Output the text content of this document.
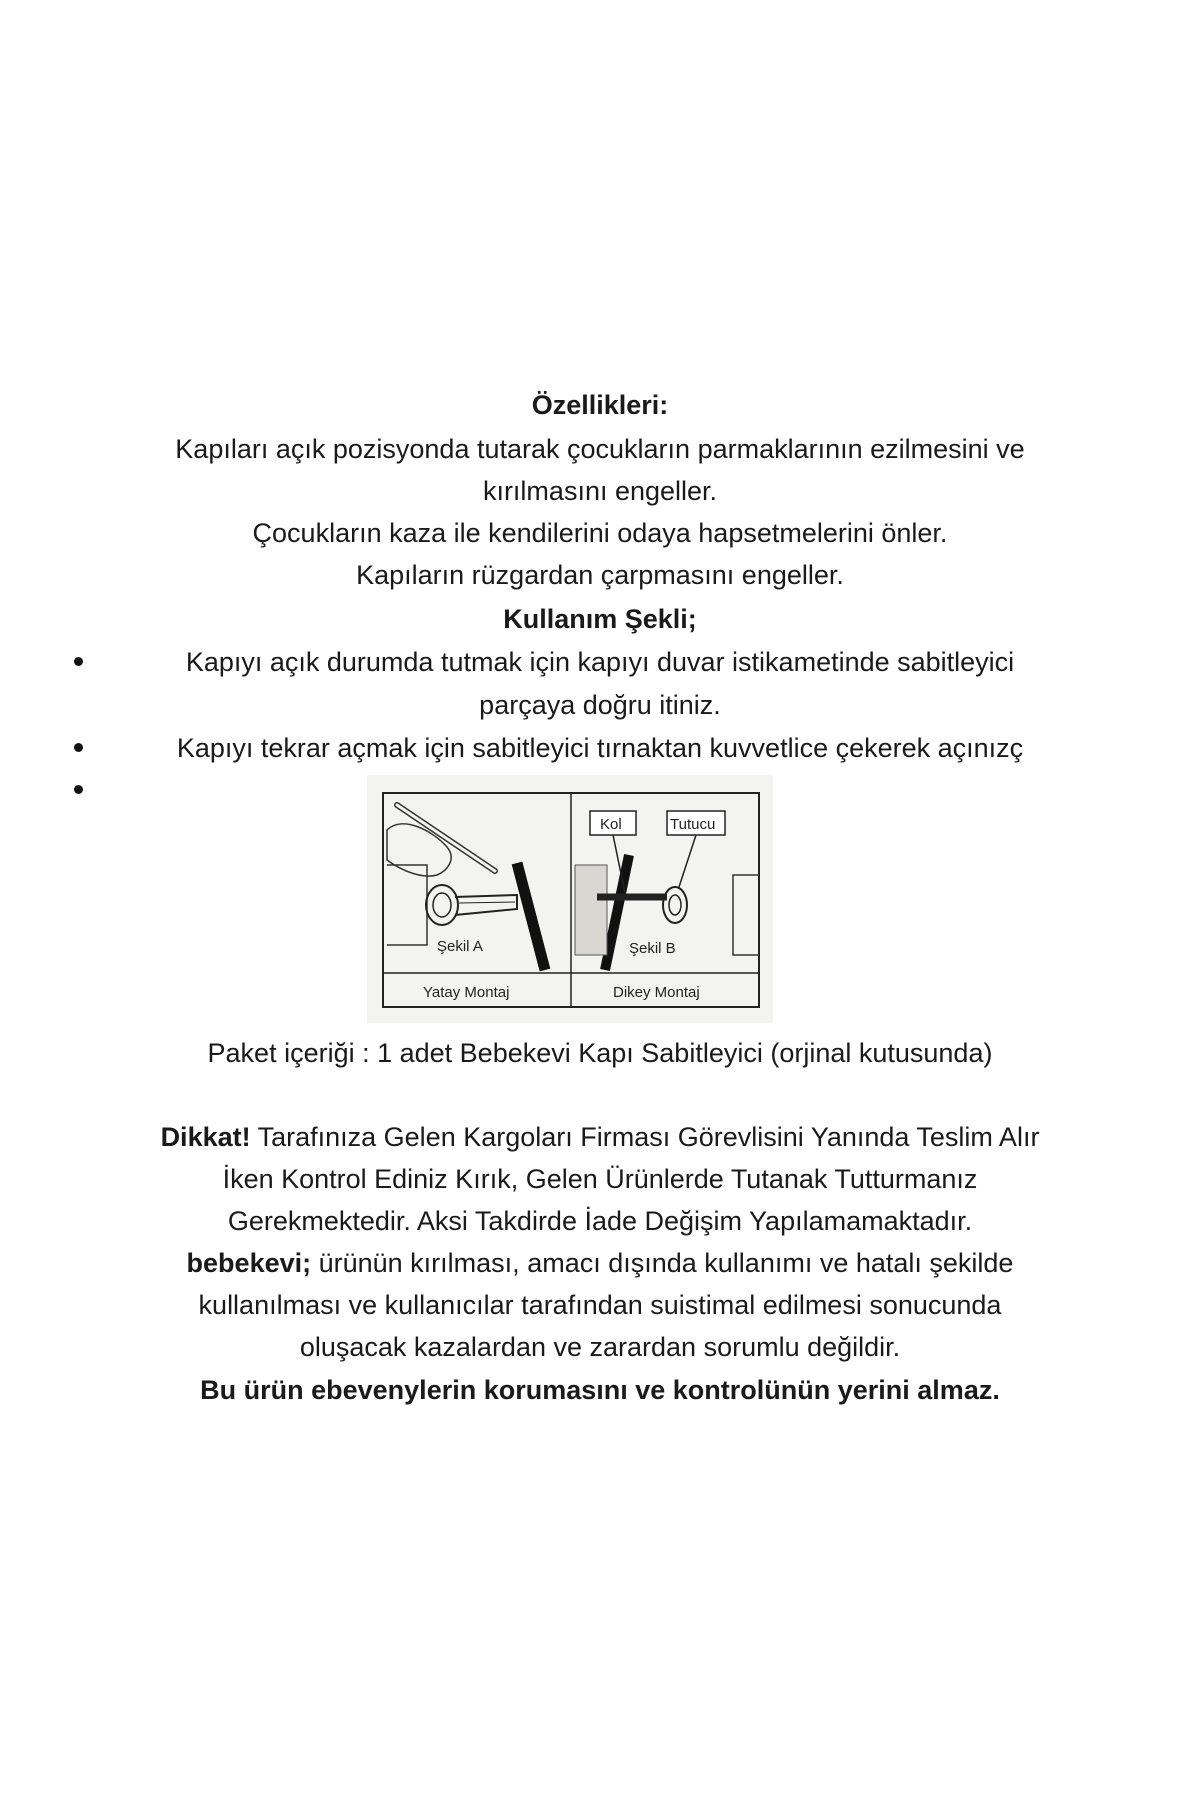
Özellikleri:
Kapıları açık pozisyonda tutarak çocukların parmaklarının ezilmesini ve
kırılmasını engeller.
Çocukların kaza ile kendilerini odaya hapsetmelerini önler.
Kapıların rüzgardan çarpmasını engeller.
Kullanım Şekli;
Kapıyı açık durumda tutmak için kapıyı duvar istikametinde sabitleyici
parçaya doğru itiniz.
Kapıyı tekrar açmak için sabitleyici tırnaktan kuvvetlice çekerek açınızç
Şekil A
Yatay Montaj
Kol	Tutucu
Şekil B
Dikey Montaj
Paket içeriği : 1 adet Bebekevi Kapı Sabitleyici (orjinal kutusunda)
Dikkat! Tarafınıza Gelen Kargoları Firması Görevlisini Yanında Teslim Alır
İken Kontrol Ediniz Kırık, Gelen Ürünlerde Tutanak Tutturmanız
Gerekmektedir. Aksi Takdirde İade Değişim Yapılamamaktadır.
bebekevi; ürünün kırılması, amacı dışında kullanımı ve hatalı şekilde
kullanılması ve kullanıcılar tarafından suistimal edilmesi sonucunda
oluşacak kazalardan ve zarardan sorumlu değildir.
Bu ürün ebevenylerin korumasını ve kontrolünün yerini almaz.
